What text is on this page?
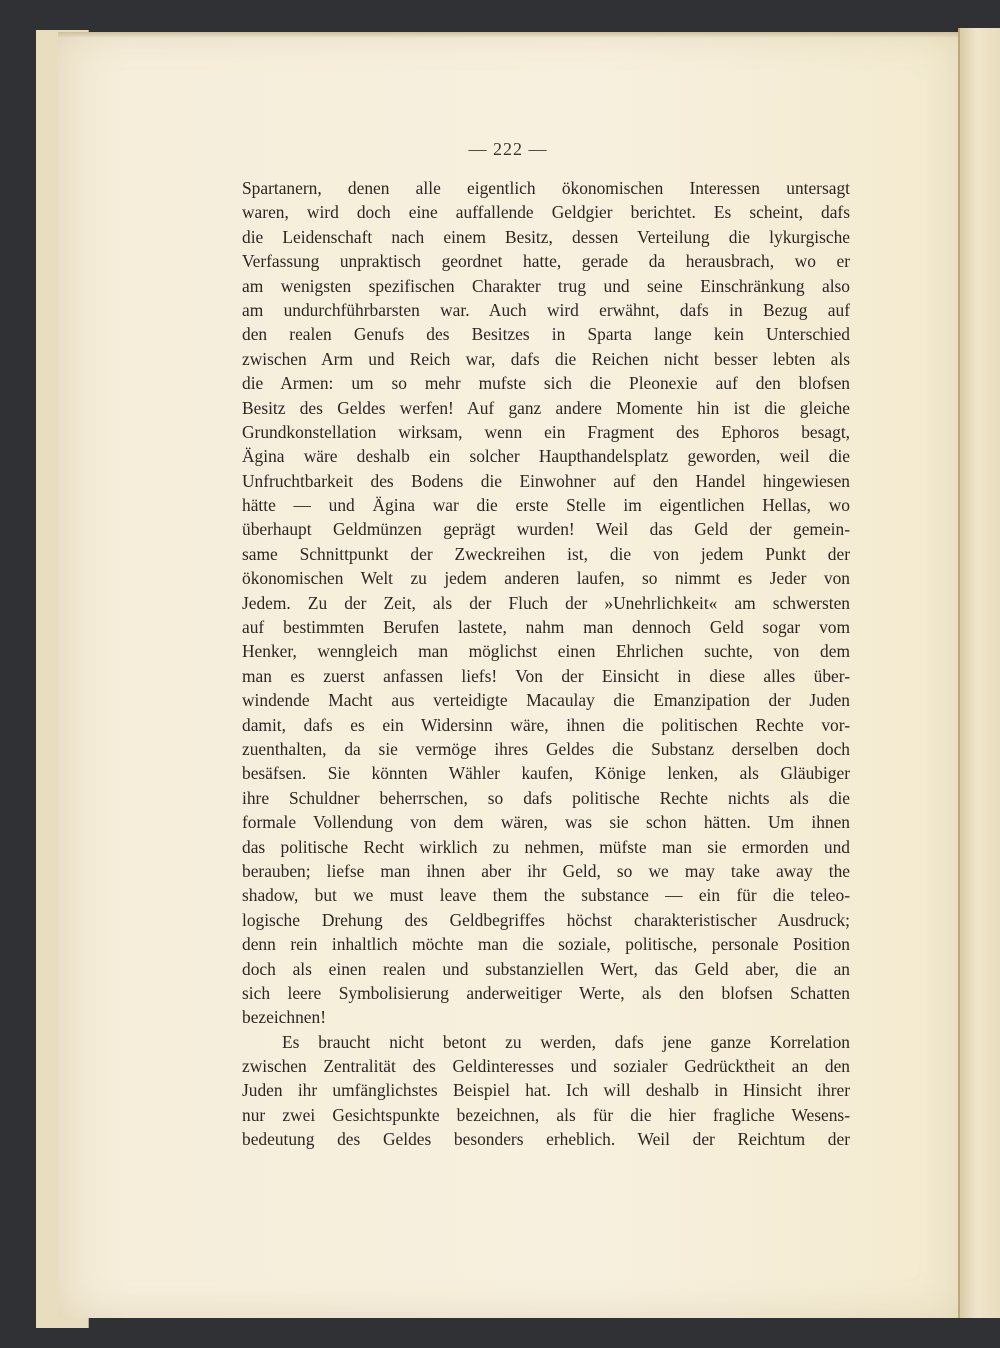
— 222 —
Spartanern, denen alle eigentlich ökonomischen Interessen untersagt
waren, wird doch eine auffallende Geldgier berichtet. Es scheint, dafs
die Leidenschaft nach einem Besitz, dessen Verteilung die lykurgische
Verfassung unpraktisch geordnet hatte, gerade da herausbrach, wo er
am wenigsten spezifischen Charakter trug und seine Einschränkung also
am undurchführbarsten war. Auch wird erwähnt, dafs in Bezug auf
den realen Genufs des Besitzes in Sparta lange kein Unterschied
zwischen Arm und Reich war, dafs die Reichen nicht besser lebten als
die Armen: um so mehr mufste sich die Pleonexie auf den blofsen
Besitz des Geldes werfen! Auf ganz andere Momente hin ist die gleiche
Grundkonstellation wirksam, wenn ein Fragment des Ephoros besagt,
Ägina wäre deshalb ein solcher Haupthandelsplatz geworden, weil die
Unfruchtbarkeit des Bodens die Einwohner auf den Handel hingewiesen
hätte — und Ägina war die erste Stelle im eigentlichen Hellas, wo
überhaupt Geldmünzen geprägt wurden! Weil das Geld der gemein-
same Schnittpunkt der Zweckreihen ist, die von jedem Punkt der
ökonomischen Welt zu jedem anderen laufen, so nimmt es Jeder von
Jedem. Zu der Zeit, als der Fluch der »Unehrlichkeit« am schwersten
auf bestimmten Berufen lastete, nahm man dennoch Geld sogar vom
Henker, wenngleich man möglichst einen Ehrlichen suchte, von dem
man es zuerst anfassen liefs! Von der Einsicht in diese alles über-
windende Macht aus verteidigte Macaulay die Emanzipation der Juden
damit, dafs es ein Widersinn wäre, ihnen die politischen Rechte vor-
zuenthalten, da sie vermöge ihres Geldes die Substanz derselben doch
besäfsen. Sie könnten Wähler kaufen, Könige lenken, als Gläubiger
ihre Schuldner beherrschen, so dafs politische Rechte nichts als die
formale Vollendung von dem wären, was sie schon hätten. Um ihnen
das politische Recht wirklich zu nehmen, müfste man sie ermorden und
berauben; liefse man ihnen aber ihr Geld, so we may take away the
shadow, but we must leave them the substance — ein für die teleo-
logische Drehung des Geldbegriffes höchst charakteristischer Ausdruck;
denn rein inhaltlich möchte man die soziale, politische, personale Position
doch als einen realen und substanziellen Wert, das Geld aber, die an
sich leere Symbolisierung anderweitiger Werte, als den blofsen Schatten
bezeichnen!
Es braucht nicht betont zu werden, dafs jene ganze Korrelation
zwischen Zentralität des Geldinteresses und sozialer Gedrücktheit an den
Juden ihr umfänglichstes Beispiel hat. Ich will deshalb in Hinsicht ihrer
nur zwei Gesichtspunkte bezeichnen, als für die hier fragliche Wesens-
bedeutung des Geldes besonders erheblich. Weil der Reichtum der
